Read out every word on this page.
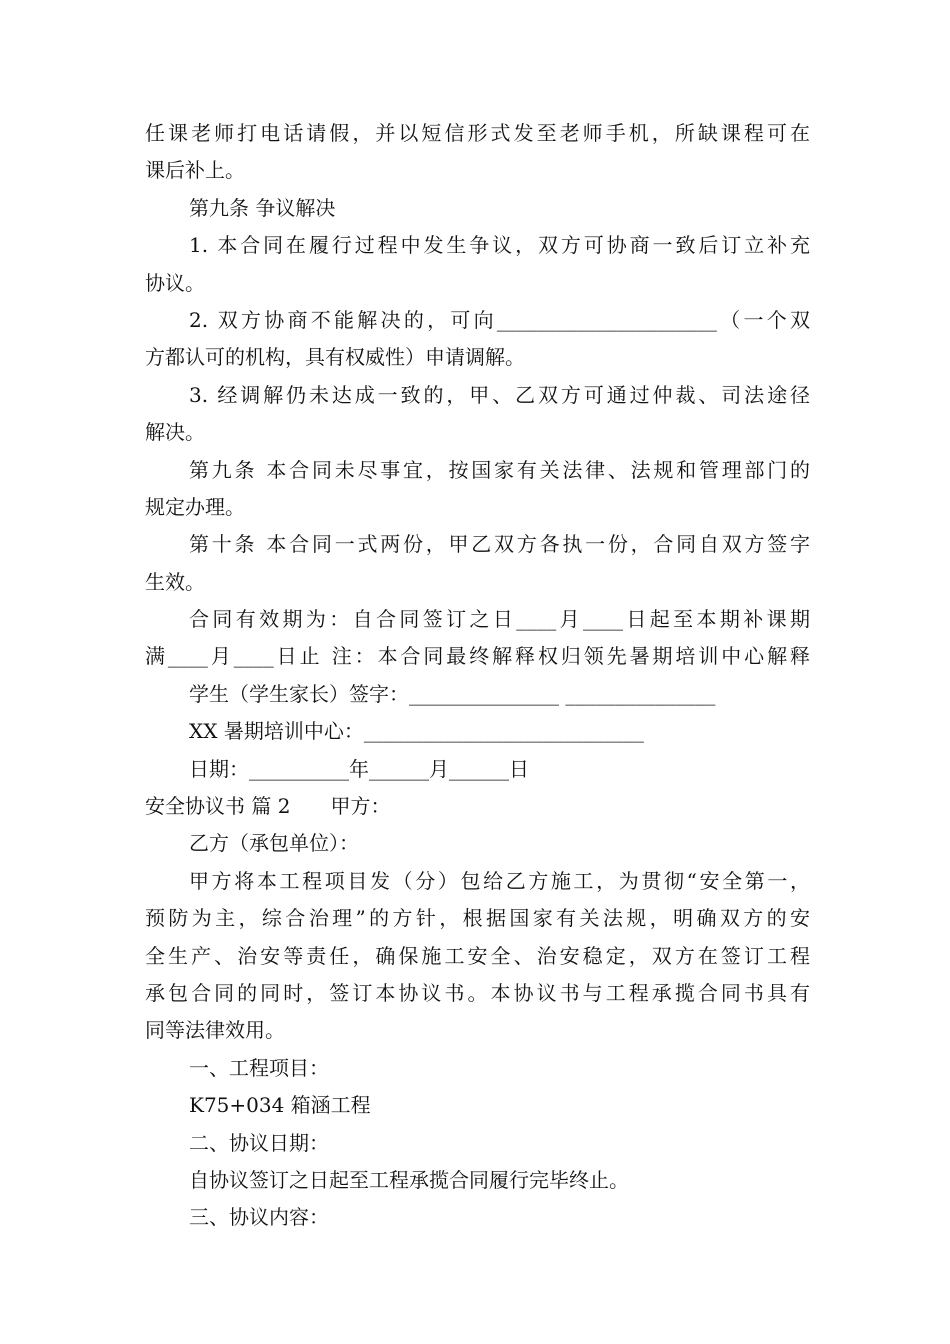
任课老师打电话请假，并以短信形式发至老师手机，所缺课程可在
课后补上。
第九条 争议解决
1. 本合同在履行过程中发生争议，双方可协商一致后订立补充
协议。
2. 双方协商不能解决的，可向______________________（一个双
方都认可的机构，具有权威性）申请调解。
3. 经调解仍未达成一致的，甲、乙双方可通过仲裁、司法途径
解决。
第九条 本合同未尽事宜，按国家有关法律、法规和管理部门的
规定办理。
第十条 本合同一式两份，甲乙双方各执一份，合同自双方签字
生效。
合同有效期为：自合同签订之日____月____日起至本期补课期
满____月____日止 注：本合同最终解释权归领先暑期培训中心解释
学生（学生家长）签字：_______________ _______________
XX 暑期培训中心：____________________________
日期：__________年______月______日
安全协议书 篇 2　　甲方：
乙方（承包单位）：
甲方将本工程项目发（分）包给乙方施工，为贯彻“安全第一，
预防为主，综合治理”的方针，根据国家有关法规，明确双方的安
全生产、治安等责任，确保施工安全、治安稳定，双方在签订工程
承包合同的同时，签订本协议书。本协议书与工程承揽合同书具有
同等法律效用。
一、工程项目：
K75+034 箱涵工程
二、协议日期：
自协议签订之日起至工程承揽合同履行完毕终止。
三、协议内容：
